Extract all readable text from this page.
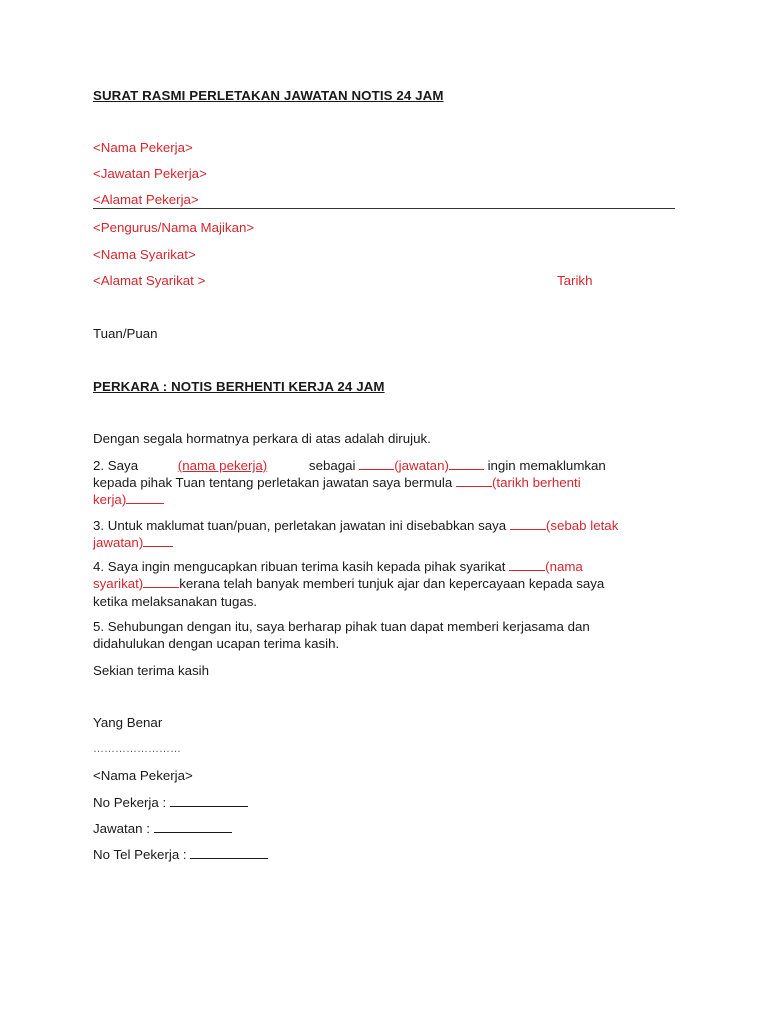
SURAT RASMI PERLETAKAN JAWATAN NOTIS 24 JAM
<Nama Pekerja>
<Jawatan Pekerja>
<Alamat Pekerja>
<Pengurus/Nama Majikan>
<Nama Syarikat>
<Alamat Syarikat >	Tarikh
Tuan/Puan
PERKARA : NOTIS BERHENTI KERJA 24 JAM
Dengan segala hormatnya perkara di atas adalah dirujuk.
2. Saya	(nama pekerja)	sebagai	(jawatan)	ingin memaklumkan
kepada pihak Tuan tentang perletakan jawatan saya bermula	(tarikh berhenti
kerja)
3. Untuk maklumat tuan/puan, perletakan jawatan ini disebabkan saya	(sebab letak
jawatan)
4. Saya ingin mengucapkan ribuan terima kasih kepada pihak syarikat	(nama
syarikat)	kerana telah banyak memberi tunjuk ajar dan kepercayaan kepada saya
ketika melaksanakan tugas.
5. Sehubungan dengan itu, saya berharap pihak tuan dapat memberi kerjasama dan
didahulukan dengan ucapan terima kasih.
Sekian terima kasih
Yang Benar
……………………
<Nama Pekerja>
No Pekerja :
Jawatan :
No Tel Pekerja :
